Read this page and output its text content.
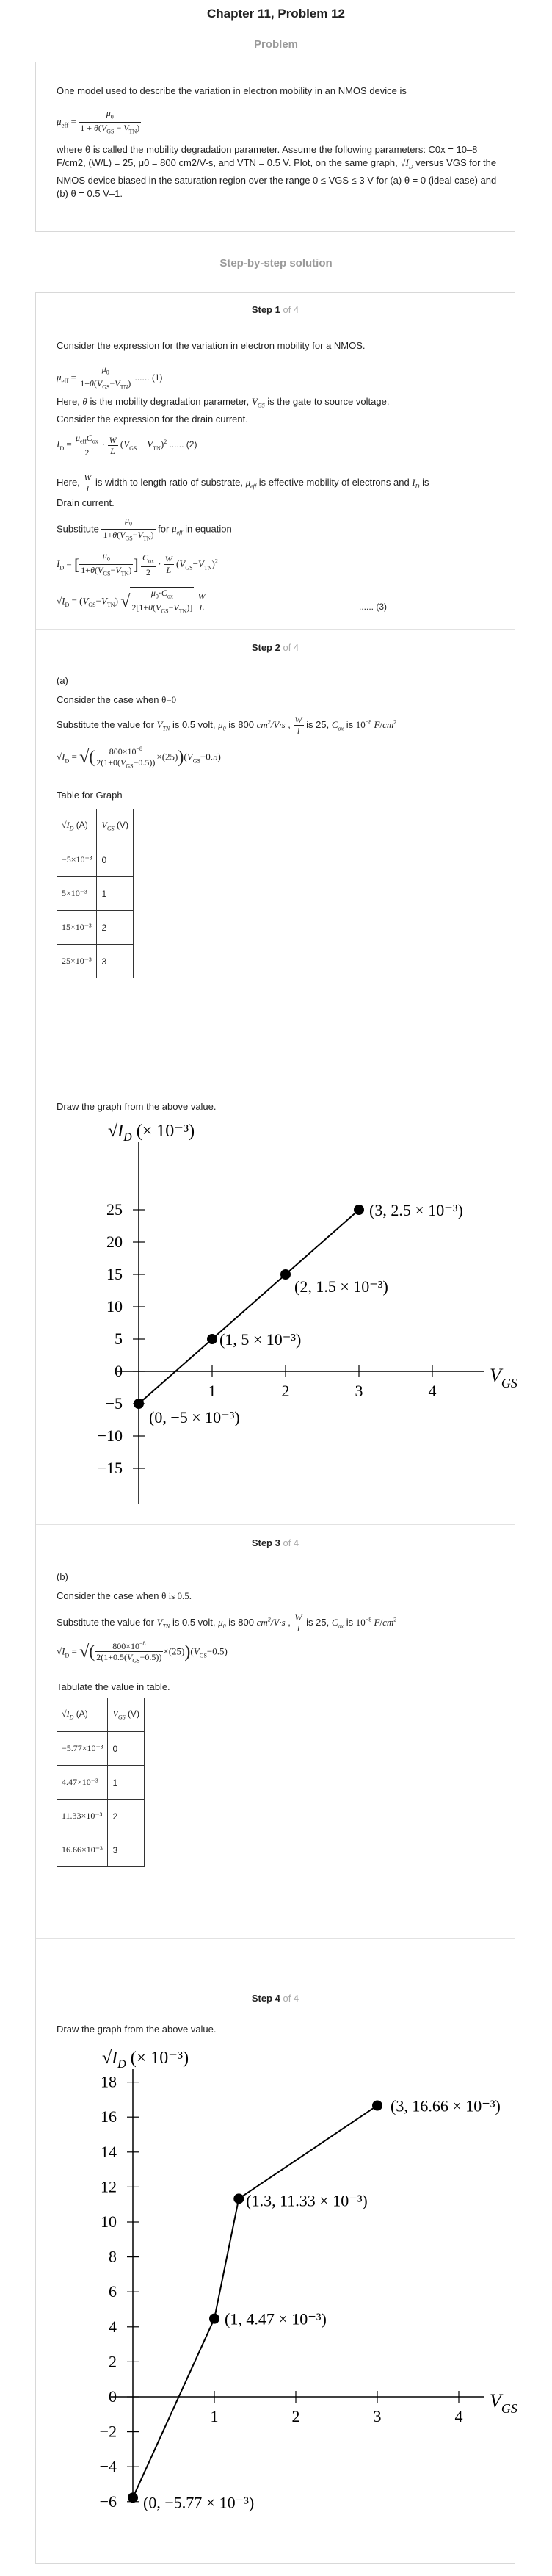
Chapter 11, Problem 12
Problem
One model used to describe the variation in electron mobility in an NMOS device is
$\mu_{eff} = \frac{\mu_0}{1 + \theta(V_{GS} - V_{TN})}$
where θ is called the mobility degradation parameter. Assume the following parameters: C0x = 10–8 F/cm2, (W/L) = 25, μ0 = 800 cm2/V-s, and VTN = 0.5 V. Plot, on the same graph, $√I_D$ versus VGS for the NMOS device biased in the saturation region over the range 0 ≤ VGS ≤ 3 V for (a) θ = 0 (ideal case) and (b) θ = 0.5 V–1.
Step-by-step solution
Step 1 of 4
Consider the expression for the variation in electron mobility for a NMOS.
$\mu_{eff} = \frac{\mu_0}{1+\theta(V_{GS}-V_{TN})}$ ...... (1)
Here, θ is the mobility degradation parameter, $V_{GS}$ is the gate to source voltage.
Consider the expression for the drain current.
$I_D = \frac{\mu_{eff}C_{ox}}{2} \cdot \frac{W}{L} (V_{GS} - V_{TN})^2$ ...... (2)
Here, $\frac{W}{l}$ is width to length ratio of substrate, $\mu_{eff}$ is effective mobility of electrons and $I_D$ is
Drain current.
Substitute $\frac{\mu_0}{1+\theta(V_{GS}-V_{TN})}$ for $\mu_{eff}$ in equation
$I_D$ = [ $\frac{\mu_0}{1+\theta(V_{GS}-V_{TN})}$ ] $\frac{C_{ox}}{2} \cdot \frac{W}{L} (V_{GS}-V_{TN})^2$
$√I_D = (V_{GS}-V_{TN})$ √ $\frac{\mu_0\cdot C_{ox}}{2[1+\theta(V_{GS}-V_{TN})]}$
$\frac{W}{L}$	...... (3)
Step 2 of 4
(a)
Consider the case when θ=0
Substitute the value for $V_{TN}$ is 0.5 volt, $\mu_0$ is 800 $cm^2/V\cdot s$ , $\frac{W}{l}$ is 25, $C_{ox}$ is $10^{-8}$ $F/cm^2$
$√I_D$ = √( $\frac{800\times 10^{-8}}{2(1+0(V_{GS}-0.5))} \times(25))(V_{GS}-0.5)$
Table for Graph
$√I_D$ (A)	$V_{GS}$ (V)
−5×10⁻³	0
5×10⁻³	1
15×10⁻³	2
25×10⁻³	3
Draw the graph from the above value.
25
20
15
10
5
0
−5
−10
−15
1	2	3	4
$√I_D$ (× 10⁻³)
$V_{GS}$
(0, −5 × 10⁻³)
(1, 5 × 10⁻³)
(2, 1.5 × 10⁻³)
(3, 2.5 × 10⁻³)
Step 3 of 4
(b)
Consider the case when θ is 0.5.
Substitute the value for $V_{TN}$ is 0.5 volt, $\mu_0$ is 800 $cm^2/V\cdot s$ , $\frac{W}{l}$ is 25, $C_{ox}$ is $10^{-8}$ $F/cm^2$
$√I_D$ = √( $\frac{800\times 10^{-8}}{2(1+0.5(V_{GS}-0.5))} \times(25))(V_{GS}-0.5)$
Tabulate the value in table.
$√I_D$ (A)	$V_{GS}$ (V)
−5.77×10⁻³	0
4.47×10⁻³	1
11.33×10⁻³	2
16.66×10⁻³	3
Step 4 of 4
Draw the graph from the above value.
18
16
14
12
10
8
6
4
2
0
−2
−4
−6
1	2	3	4
$√I_D$ (× 10⁻³)
$V_{GS}$
(0, −5.77 × 10⁻³)
(1, 4.47 × 10⁻³)
(1.3, 11.33 × 10⁻³)
(3, 16.66 × 10⁻³)
